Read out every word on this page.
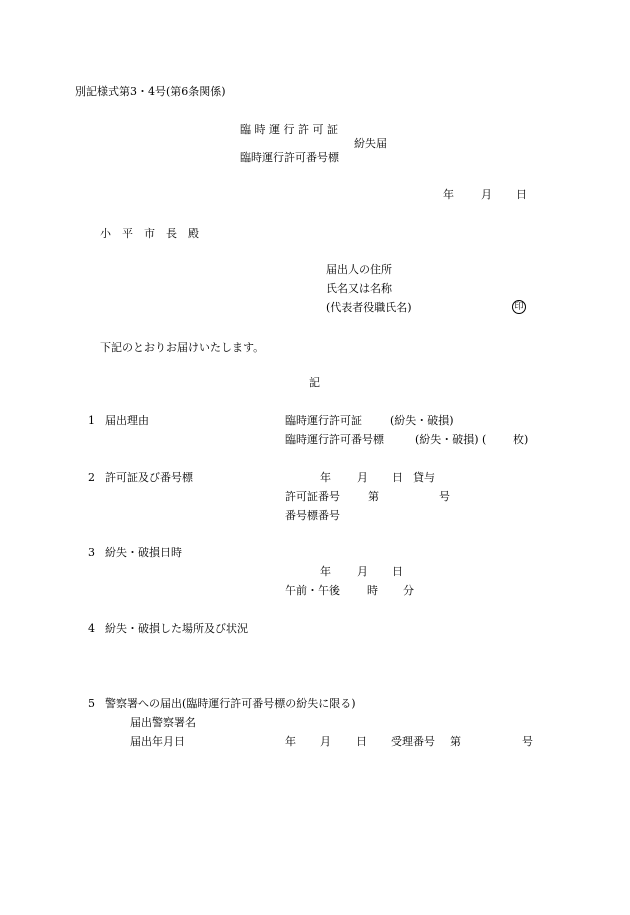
別記様式第3・4号(第6条関係)
臨 時 運 行 許 可 証
紛失届
臨時運行許可番号標
年 月 日
小　平　市　長　殿
届出人の住所
氏名又は名称
(代表者役職氏名)	印
下記のとおりお届けいたします。
記
1 届出理由	臨時運行許可証	(紛失・破損)
臨時運行許可番号標	(紛失・破損) ( 枚)
2 許可証及び番号標	年 月 日 貸与
許可証番号	第	号
番号標番号
3 紛失・破損日時
年 月 日
午前・午後 時 分
4 紛失・破損した場所及び状況
5 警察署への届出(臨時運行許可番号標の紛失に限る)
届出警察署名
届出年月日	年 月 日 受理番号 第	号
